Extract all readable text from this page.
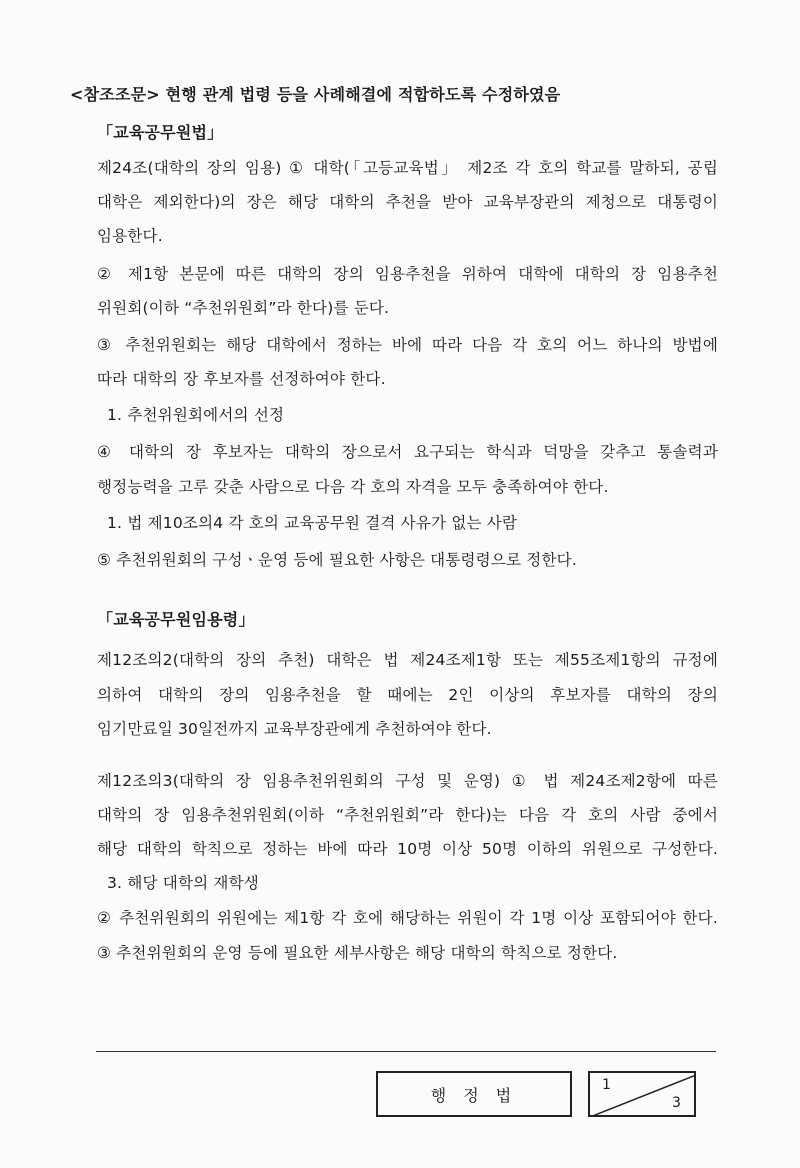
<참조조문> 현행 관계 법령 등을 사례해결에 적합하도록 수정하였음
「교육공무원법」
제24조(대학의 장의 임용) ① 대학(「고등교육법」 제2조 각 호의 학교를 말하되, 공립
대학은 제외한다)의 장은 해당 대학의 추천을 받아 교육부장관의 제청으로 대통령이
임용한다.
② 제1항 본문에 따른 대학의 장의 임용추천을 위하여 대학에 대학의 장 임용추천
위원회(이하 “추천위원회”라 한다)를 둔다.
③ 추천위원회는 해당 대학에서 정하는 바에 따라 다음 각 호의 어느 하나의 방법에
따라 대학의 장 후보자를 선정하여야 한다.
1. 추천위원회에서의 선정
④ 대학의 장 후보자는 대학의 장으로서 요구되는 학식과 덕망을 갖추고 통솔력과
행정능력을 고루 갖춘 사람으로 다음 각 호의 자격을 모두 충족하여야 한다.
1. 법 제10조의4 각 호의 교육공무원 결격 사유가 없는 사람
⑤ 추천위원회의 구성ㆍ운영 등에 필요한 사항은 대통령령으로 정한다.
「교육공무원임용령」
제12조의2(대학의 장의 추천) 대학은 법 제24조제1항 또는 제55조제1항의 규정에
의하여 대학의 장의 임용추천을 할 때에는 2인 이상의 후보자를 대학의 장의
임기만료일 30일전까지 교육부장관에게 추천하여야 한다.
제12조의3(대학의 장 임용추천위원회의 구성 및 운영) ① 법 제24조제2항에 따른
대학의 장 임용추천위원회(이하 “추천위원회”라 한다)는 다음 각 호의 사람 중에서
해당 대학의 학칙으로 정하는 바에 따라 10명 이상 50명 이하의 위원으로 구성한다.
3. 해당 대학의 재학생
② 추천위원회의 위원에는 제1항 각 호에 해당하는 위원이 각 1명 이상 포함되어야 한다.
③ 추천위원회의 운영 등에 필요한 세부사항은 해당 대학의 학칙으로 정한다.
행 정 법
1
3
